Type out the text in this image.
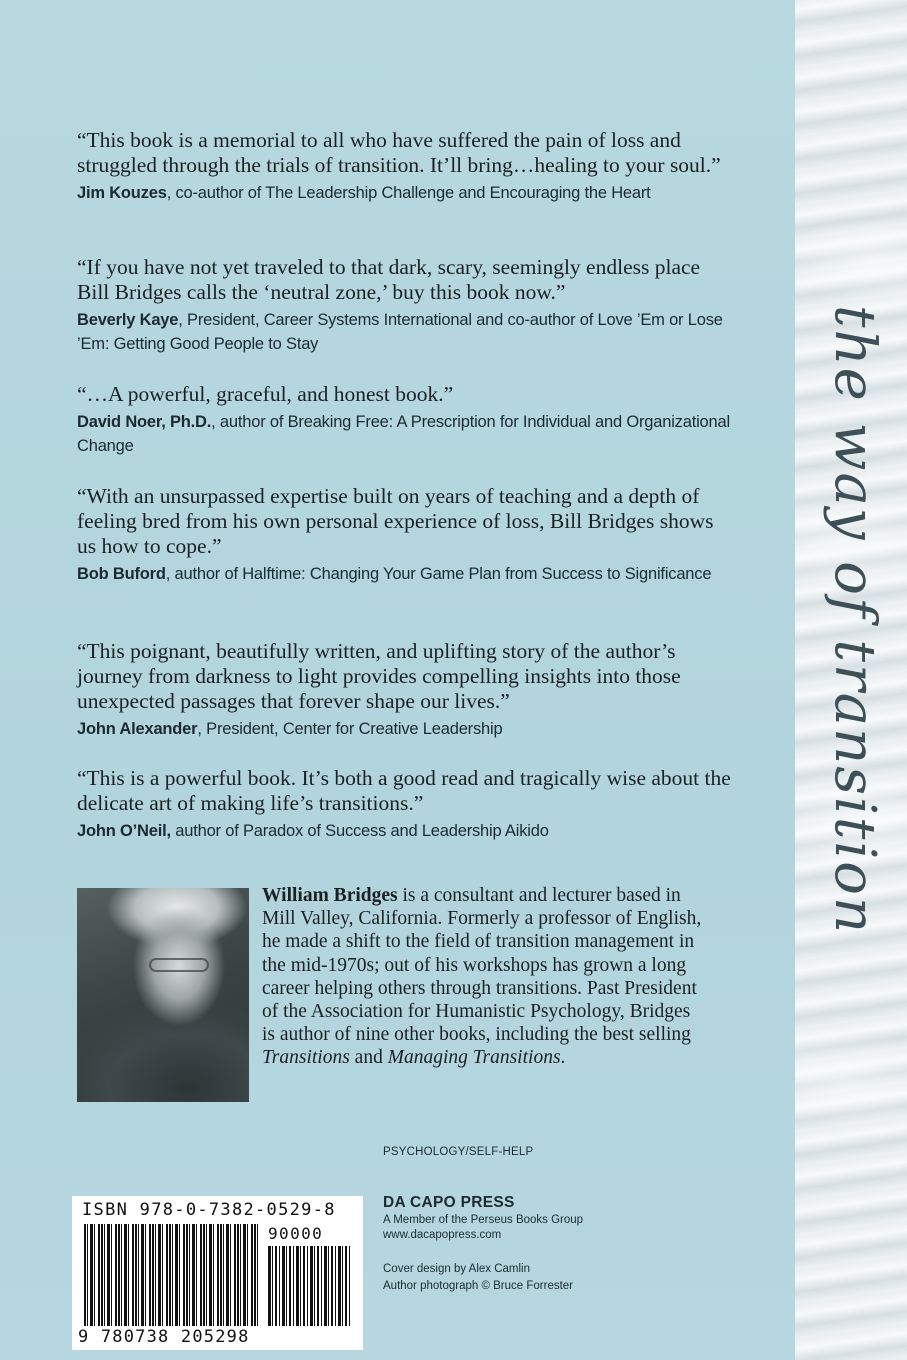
the way of transition
“This book is a memorial to all who have suffered the pain of loss and struggled through the trials of transition. It’ll bring…healing to your soul.”
Jim Kouzes, co-author of The Leadership Challenge and Encouraging the Heart
“If you have not yet traveled to that dark, scary, seemingly endless place Bill Bridges calls the ‘neutral zone,’ buy this book now.”
Beverly Kaye, President, Career Systems International and co-author of Love ’Em or Lose ’Em: Getting Good People to Stay
“…A powerful, graceful, and honest book.”
David Noer, Ph.D., author of Breaking Free: A Prescription for Individual and Organizational Change
“With an unsurpassed expertise built on years of teaching and a depth of feeling bred from his own personal experience of loss, Bill Bridges shows us how to cope.”
Bob Buford, author of Halftime: Changing Your Game Plan from Success to Significance
“This poignant, beautifully written, and uplifting story of the author’s journey from darkness to light provides compelling insights into those unexpected passages that forever shape our lives.”
John Alexander, President, Center for Creative Leadership
“This is a powerful book. It’s both a good read and tragically wise about the delicate art of making life’s transitions.”
John O’Neil, author of Paradox of Success and Leadership Aikido
William Bridges is a consultant and lecturer based in Mill Valley, California. Formerly a professor of English, he made a shift to the field of transition management in the mid-1970s; out of his workshops has grown a long career helping others through transitions. Past President of the Association for Humanistic Psychology, Bridges is author of nine other books, including the best selling Transitions and Managing Transitions.
PSYCHOLOGY/SELF-HELP
ISBN 978-0-7382-0529-8
90000
9 780738 205298
DA CAPO PRESS
A Member of the Perseus Books Group
www.dacapopress.com
Cover design by Alex Camlin
Author photograph © Bruce Forrester
